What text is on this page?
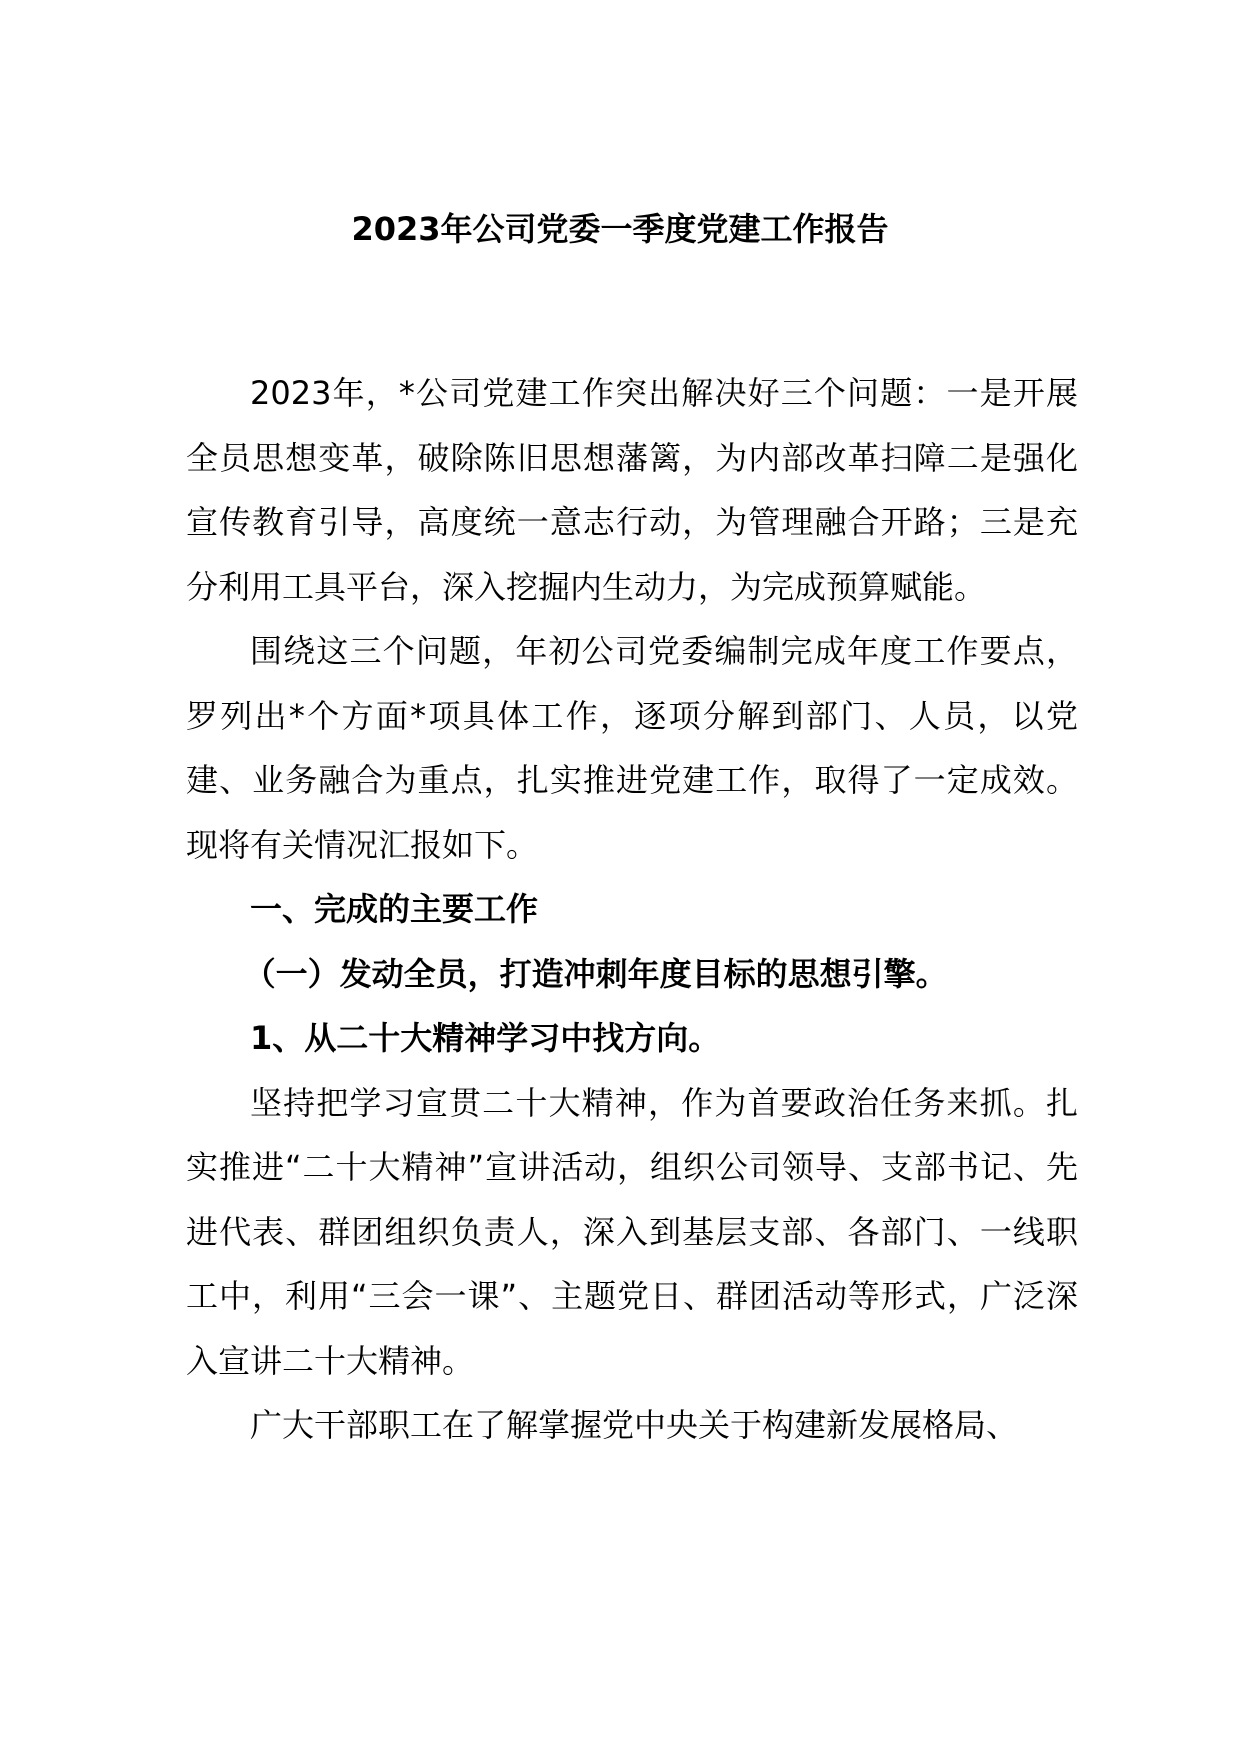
2023年公司党委一季度党建工作报告

2023年，*公司党建工作突出解决好三个问题：一是开展全员思想变革，破除陈旧思想藩篱，为内部改革扫障二是强化宣传教育引导，高度统一意志行动，为管理融合开路；三是充分利用工具平台，深入挖掘内生动力，为完成预算赋能。

围绕这三个问题，年初公司党委编制完成年度工作要点，罗列出*个方面*项具体工作，逐项分解到部门、人员，以党建、业务融合为重点，扎实推进党建工作，取得了一定成效。现将有关情况汇报如下。

一、完成的主要工作

（一）发动全员，打造冲刺年度目标的思想引擎。

1、从二十大精神学习中找方向。

坚持把学习宣贯二十大精神，作为首要政治任务来抓。扎实推进“二十大精神”宣讲活动，组织公司领导、支部书记、先进代表、群团组织负责人，深入到基层支部、各部门、一线职工中，利用“三会一课”、主题党日、群团活动等形式，广泛深入宣讲二十大精神。

广大干部职工在了解掌握党中央关于构建新发展格局、
